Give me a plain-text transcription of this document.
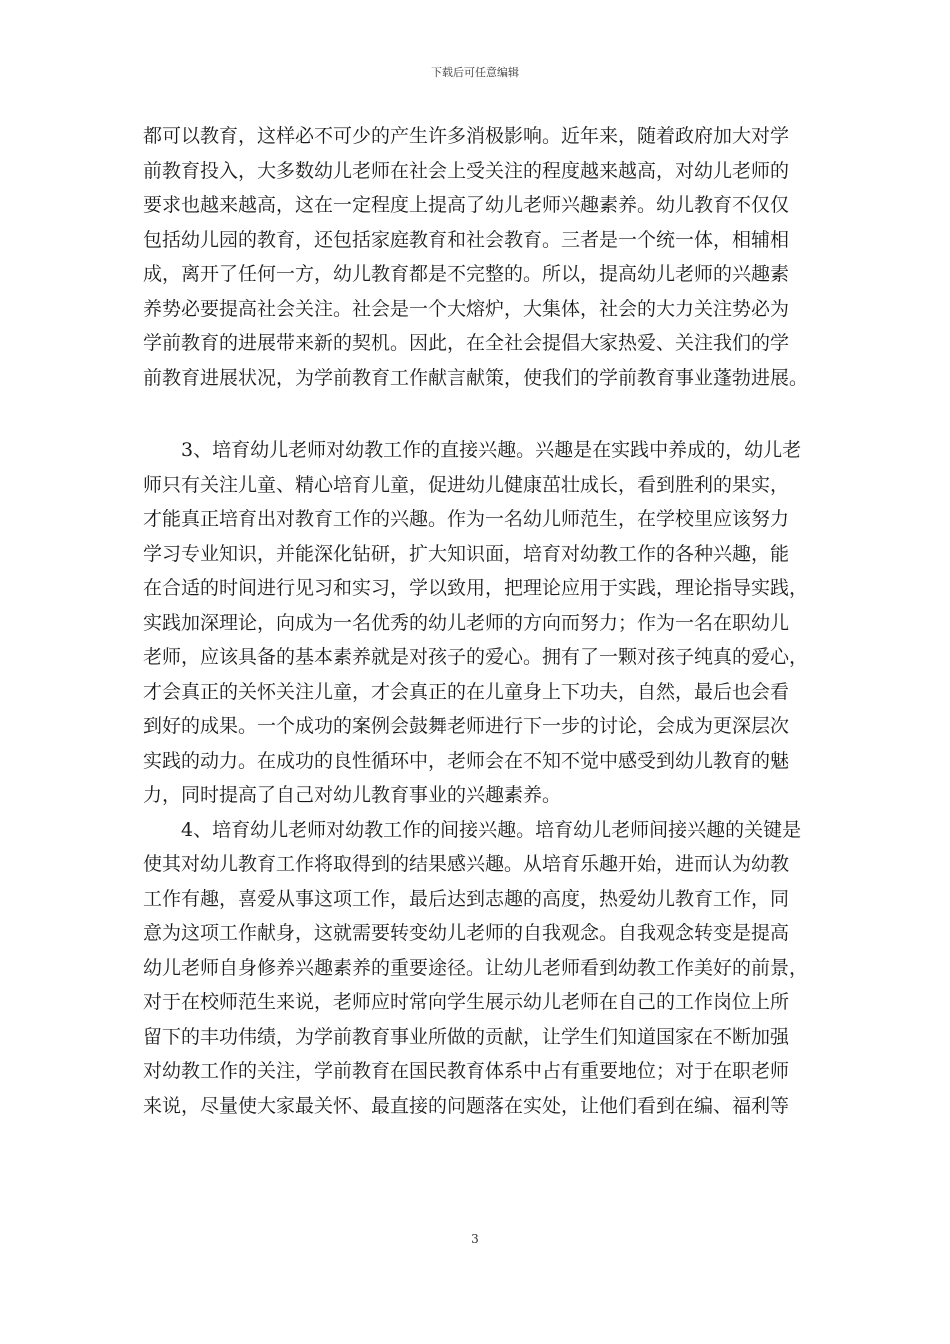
下载后可任意编辑
都可以教育，这样必不可少的产生许多消极影响。近年来，随着政府加大对学
前教育投入，大多数幼儿老师在社会上受关注的程度越来越高，对幼儿老师的
要求也越来越高，这在一定程度上提高了幼儿老师兴趣素养。幼儿教育不仅仅
包括幼儿园的教育，还包括家庭教育和社会教育。三者是一个统一体，相辅相
成，离开了任何一方，幼儿教育都是不完整的。所以，提高幼儿老师的兴趣素
养势必要提高社会关注。社会是一个大熔炉，大集体，社会的大力关注势必为
学前教育的进展带来新的契机。因此，在全社会提倡大家热爱、关注我们的学
前教育进展状况，为学前教育工作献言献策，使我们的学前教育事业蓬勃进展。
3、培育幼儿老师对幼教工作的直接兴趣。兴趣是在实践中养成的，幼儿老
师只有关注儿童、精心培育儿童，促进幼儿健康茁壮成长，看到胜利的果实，
才能真正培育出对教育工作的兴趣。作为一名幼儿师范生，在学校里应该努力
学习专业知识，并能深化钻研，扩大知识面，培育对幼教工作的各种兴趣，能
在合适的时间进行见习和实习，学以致用，把理论应用于实践，理论指导实践，
实践加深理论，向成为一名优秀的幼儿老师的方向而努力；作为一名在职幼儿
老师，应该具备的基本素养就是对孩子的爱心。拥有了一颗对孩子纯真的爱心，
才会真正的关怀关注儿童，才会真正的在儿童身上下功夫，自然，最后也会看
到好的成果。一个成功的案例会鼓舞老师进行下一步的讨论，会成为更深层次
实践的动力。在成功的良性循环中，老师会在不知不觉中感受到幼儿教育的魅
力，同时提高了自己对幼儿教育事业的兴趣素养。
4、培育幼儿老师对幼教工作的间接兴趣。培育幼儿老师间接兴趣的关键是
使其对幼儿教育工作将取得到的结果感兴趣。从培育乐趣开始，进而认为幼教
工作有趣，喜爱从事这项工作，最后达到志趣的高度，热爱幼儿教育工作，同
意为这项工作献身，这就需要转变幼儿老师的自我观念。自我观念转变是提高
幼儿老师自身修养兴趣素养的重要途径。让幼儿老师看到幼教工作美好的前景，
对于在校师范生来说，老师应时常向学生展示幼儿老师在自己的工作岗位上所
留下的丰功伟绩，为学前教育事业所做的贡献，让学生们知道国家在不断加强
对幼教工作的关注，学前教育在国民教育体系中占有重要地位；对于在职老师
来说，尽量使大家最关怀、最直接的问题落在实处，让他们看到在编、福利等
3
